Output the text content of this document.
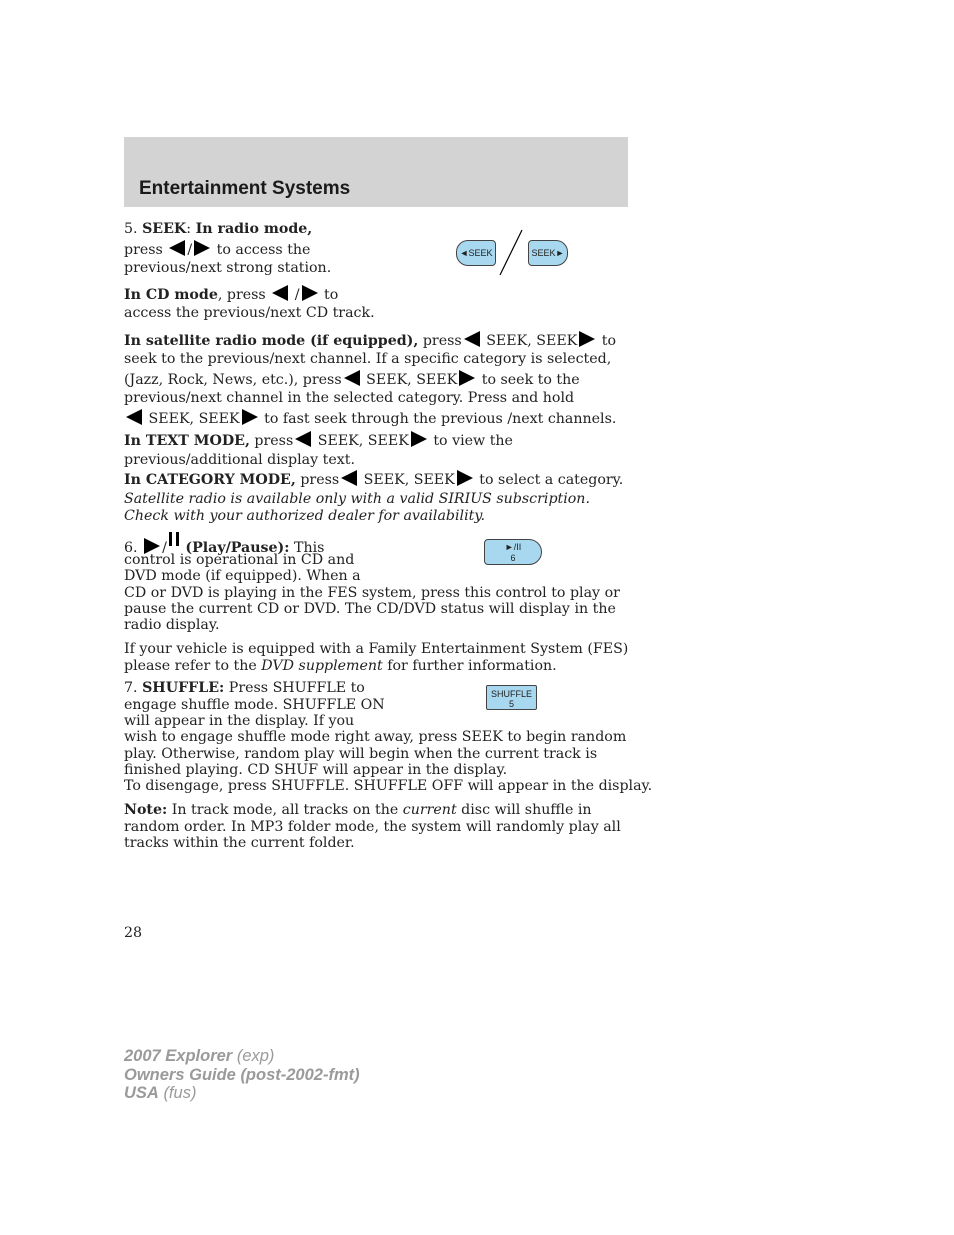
Entertainment Systems
5. SEEK: In radio mode,
press / to access the
previous/next strong station.
◄SEEK	SEEK►
In CD mode, press  / to
access the previous/next CD track.
In satellite radio mode (if equipped), press SEEK, SEEK to
seek to the previous/next channel. If a specific category is selected,
(Jazz, Rock, News, etc.), press SEEK, SEEK to seek to the
previous/next channel in the selected category. Press and hold
SEEK, SEEK to fast seek through the previous /next channels.
In TEXT MODE, press SEEK, SEEK to view the
previous/additional display text.
In CATEGORY MODE, press SEEK, SEEK to select a category.
Satellite radio is available only with a valid SIRIUS subscription.
Check with your authorized dealer for availability.
6. / (Play/Pause): This
control is operational in CD and
DVD mode (if equipped). When a
CD or DVD is playing in the FES system, press this control to play or
pause the current CD or DVD. The CD/DVD status will display in the
radio display.
►/II
6
If your vehicle is equipped with a Family Entertainment System (FES)
please refer to the DVD supplement for further information.
7. SHUFFLE: Press SHUFFLE to
engage shuffle mode. SHUFFLE ON
will appear in the display. If you
wish to engage shuffle mode right away, press SEEK to begin random
play. Otherwise, random play will begin when the current track is
finished playing. CD SHUF will appear in the display.
To disengage, press SHUFFLE. SHUFFLE OFF will appear in the display.
SHUFFLE
5
Note: In track mode, all tracks on the current disc will shuffle in
random order. In MP3 folder mode, the system will randomly play all
tracks within the current folder.
28
2007 Explorer (exp)
Owners Guide (post-2002-fmt)
USA (fus)
